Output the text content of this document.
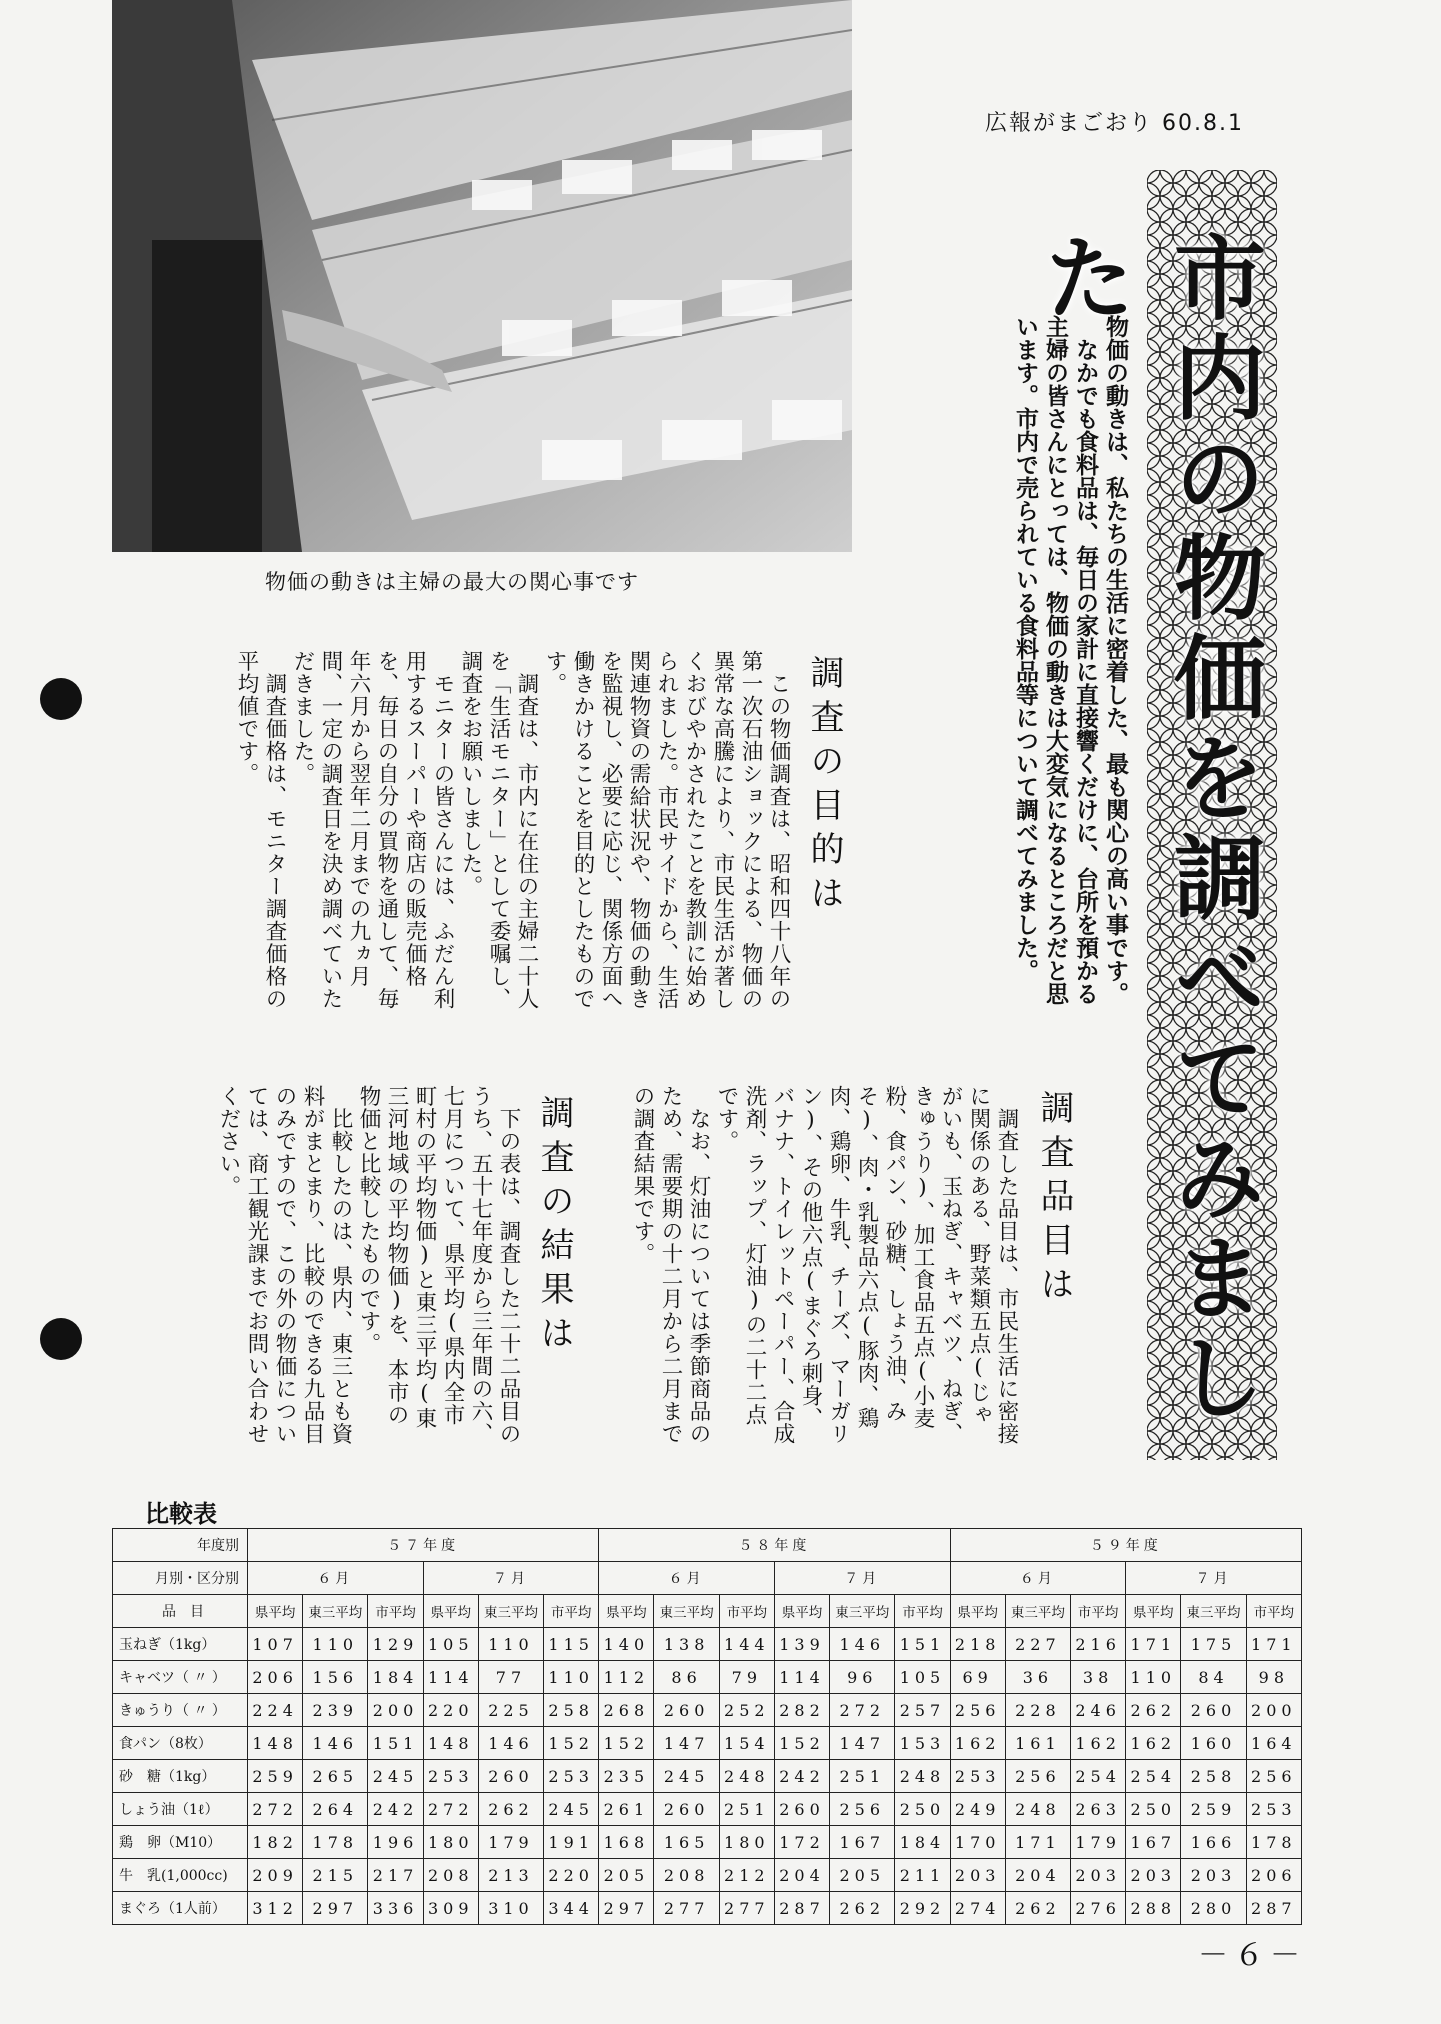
物価の動きは主婦の最大の関心事です
広報がまごおり 60.8.1
市内の物価を調べてみました
物価の動きは、私たちの生活に密着した、最も関心の高い事です。
　なかでも食料品は、毎日の家計に直接響くだけに、台所を預かる主婦の皆さんにとっては、物価の動きは大変気になるところだと思います。市内で売られている食料品等について調べてみました。
調査品目は
　調査した品目は、市民生活に密接に関係のある、野菜類五点(じゃがいも、玉ねぎ、キャベツ、ねぎ、きゅうり)、加工食品五点(小麦粉、食パン、砂糖、しょう油、みそ)、肉・乳製品六点(豚肉、鶏肉、鶏卵、牛乳、チーズ、マーガリン)、その他六点(まぐろ刺身、バナナ、トイレットペーパー、合成洗剤、ラップ、灯油)の二十二点です。
　なお、灯油については季節商品のため、需要期の十二月から二月までの調査結果です。
調査の目的は
　この物価調査は、昭和四十八年の第一次石油ショックによる、物価の異常な高騰により、市民生活が著しくおびやかされたことを教訓に始められました。市民サイドから、生活関連物資の需給状況や、物価の動きを監視し、必要に応じ、関係方面へ働きかけることを目的としたものです。
　調査は、市内に在住の主婦二十人を「生活モニター」として委嘱し、調査をお願いしました。
　モニターの皆さんには、ふだん利用するスーパーや商店の販売価格を、毎日の自分の買物を通して、毎年六月から翌年二月までの九ヵ月間、一定の調査日を決め調べていただきました。
　調査価格は、モニター調査価格の平均値です。
調査の結果は
　下の表は、調査した二十二品目のうち、五十七年度から三年間の六、七月について、県平均(県内全市町村の平均物価)と東三平均(東三河地域の平均物価)を、本市の物価と比較したものです。
　比較したのは、県内、東三とも資料がまとまり、比較のできる九品目のみですので、この外の物価については、商工観光課までお問い合わせください。
比較表
年度別	５７年度						５８年度						５９年度					
月別・区分別	６月			７月			６月			７月			６月			７月		
品　目	県平均	東三平均	市平均	県平均	東三平均	市平均	県平均	東三平均	市平均	県平均	東三平均	市平均	県平均	東三平均	市平均	県平均	東三平均	市平均
玉ねぎ（1kg）	107	110	129	105	110	115	140	138	144	139	146	151	218	227	216	171	175	171
キャベツ（ 〃 ）	206	156	184	114	77	110	112	86	79	114	96	105	69	36	38	110	84	98
きゅうり（ 〃 ）	224	239	200	220	225	258	268	260	252	282	272	257	256	228	246	262	260	200
食パン（8枚）	148	146	151	148	146	152	152	147	154	152	147	153	162	161	162	162	160	164
砂　糖（1kg）	259	265	245	253	260	253	235	245	248	242	251	248	253	256	254	254	258	256
しょう油（1ℓ）	272	264	242	272	262	245	261	260	251	260	256	250	249	248	263	250	259	253
鶏　卵（M10）	182	178	196	180	179	191	168	165	180	172	167	184	170	171	179	167	166	178
牛　乳(1,000cc)	209	215	217	208	213	220	205	208	212	204	205	211	203	204	203	203	203	206
まぐろ（1人前）	312	297	336	309	310	344	297	277	277	287	262	292	274	262	276	288	280	287
－６－
